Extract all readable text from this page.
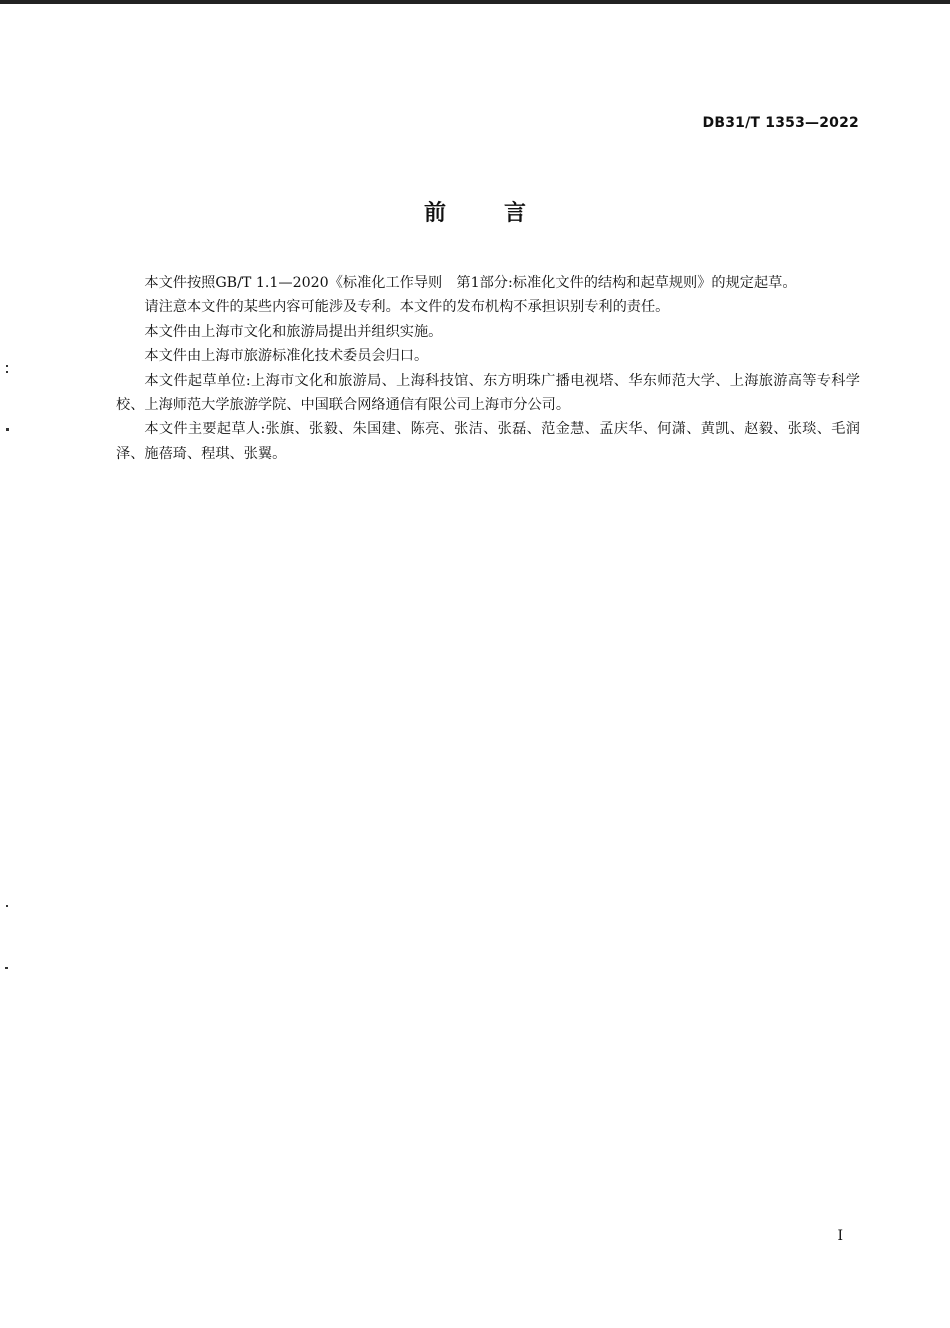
DB31/T 1353—2022
前言

本文件按照GB/T 1.1—2020《标准化工作导则　第1部分:标准化文件的结构和起草规则》的规定起草。

请注意本文件的某些内容可能涉及专利。本文件的发布机构不承担识别专利的责任。

本文件由上海市文化和旅游局提出并组织实施。

本文件由上海市旅游标准化技术委员会归口。

本文件起草单位:上海市文化和旅游局、上海科技馆、东方明珠广播电视塔、华东师范大学、上海旅游高等专科学校、上海师范大学旅游学院、中国联合网络通信有限公司上海市分公司。

本文件主要起草人:张旗、张毅、朱国建、陈亮、张洁、张磊、范金慧、孟庆华、何潇、黄凯、赵毅、张琰、毛润泽、施蓓琦、程琪、张翼。

I
